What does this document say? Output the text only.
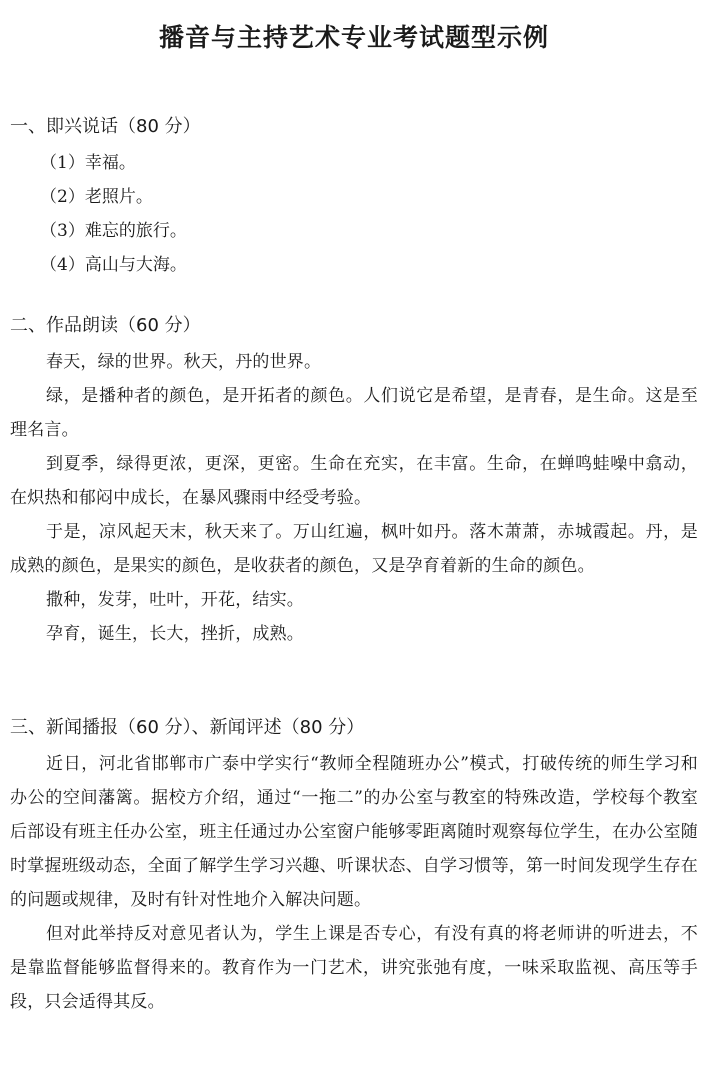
播音与主持艺术专业考试题型示例
一、即兴说话（80 分）
（1）幸福。
（2）老照片。
（3）难忘的旅行。
（4）高山与大海。
二、作品朗读（60 分）

春天，绿的世界。秋天，丹的世界。

绿，是播种者的颜色，是开拓者的颜色。人们说它是希望，是青春，是生命。这是至理名言。

到夏季，绿得更浓，更深，更密。生命在充实，在丰富。生命，在蝉鸣蛙噪中翕动，在炽热和郁闷中成长，在暴风骤雨中经受考验。

于是，凉风起天末，秋天来了。万山红遍，枫叶如丹。落木萧萧，赤城霞起。丹，是成熟的颜色，是果实的颜色，是收获者的颜色，又是孕育着新的生命的颜色。

撒种，发芽，吐叶，开花，结实。

孕育，诞生，长大，挫折，成熟。

三、新闻播报（60 分）、新闻评述（80 分）

近日，河北省邯郸市广泰中学实行“教师全程随班办公”模式，打破传统的师生学习和办公的空间藩篱。据校方介绍，通过“一拖二”的办公室与教室的特殊改造，学校每个教室后部设有班主任办公室，班主任通过办公室窗户能够零距离随时观察每位学生，在办公室随时掌握班级动态，全面了解学生学习兴趣、听课状态、自学习惯等，第一时间发现学生存在的问题或规律，及时有针对性地介入解决问题。

但对此举持反对意见者认为，学生上课是否专心，有没有真的将老师讲的听进去，不是靠监督能够监督得来的。教育作为一门艺术，讲究张弛有度，一味采取监视、高压等手段，只会适得其反。
